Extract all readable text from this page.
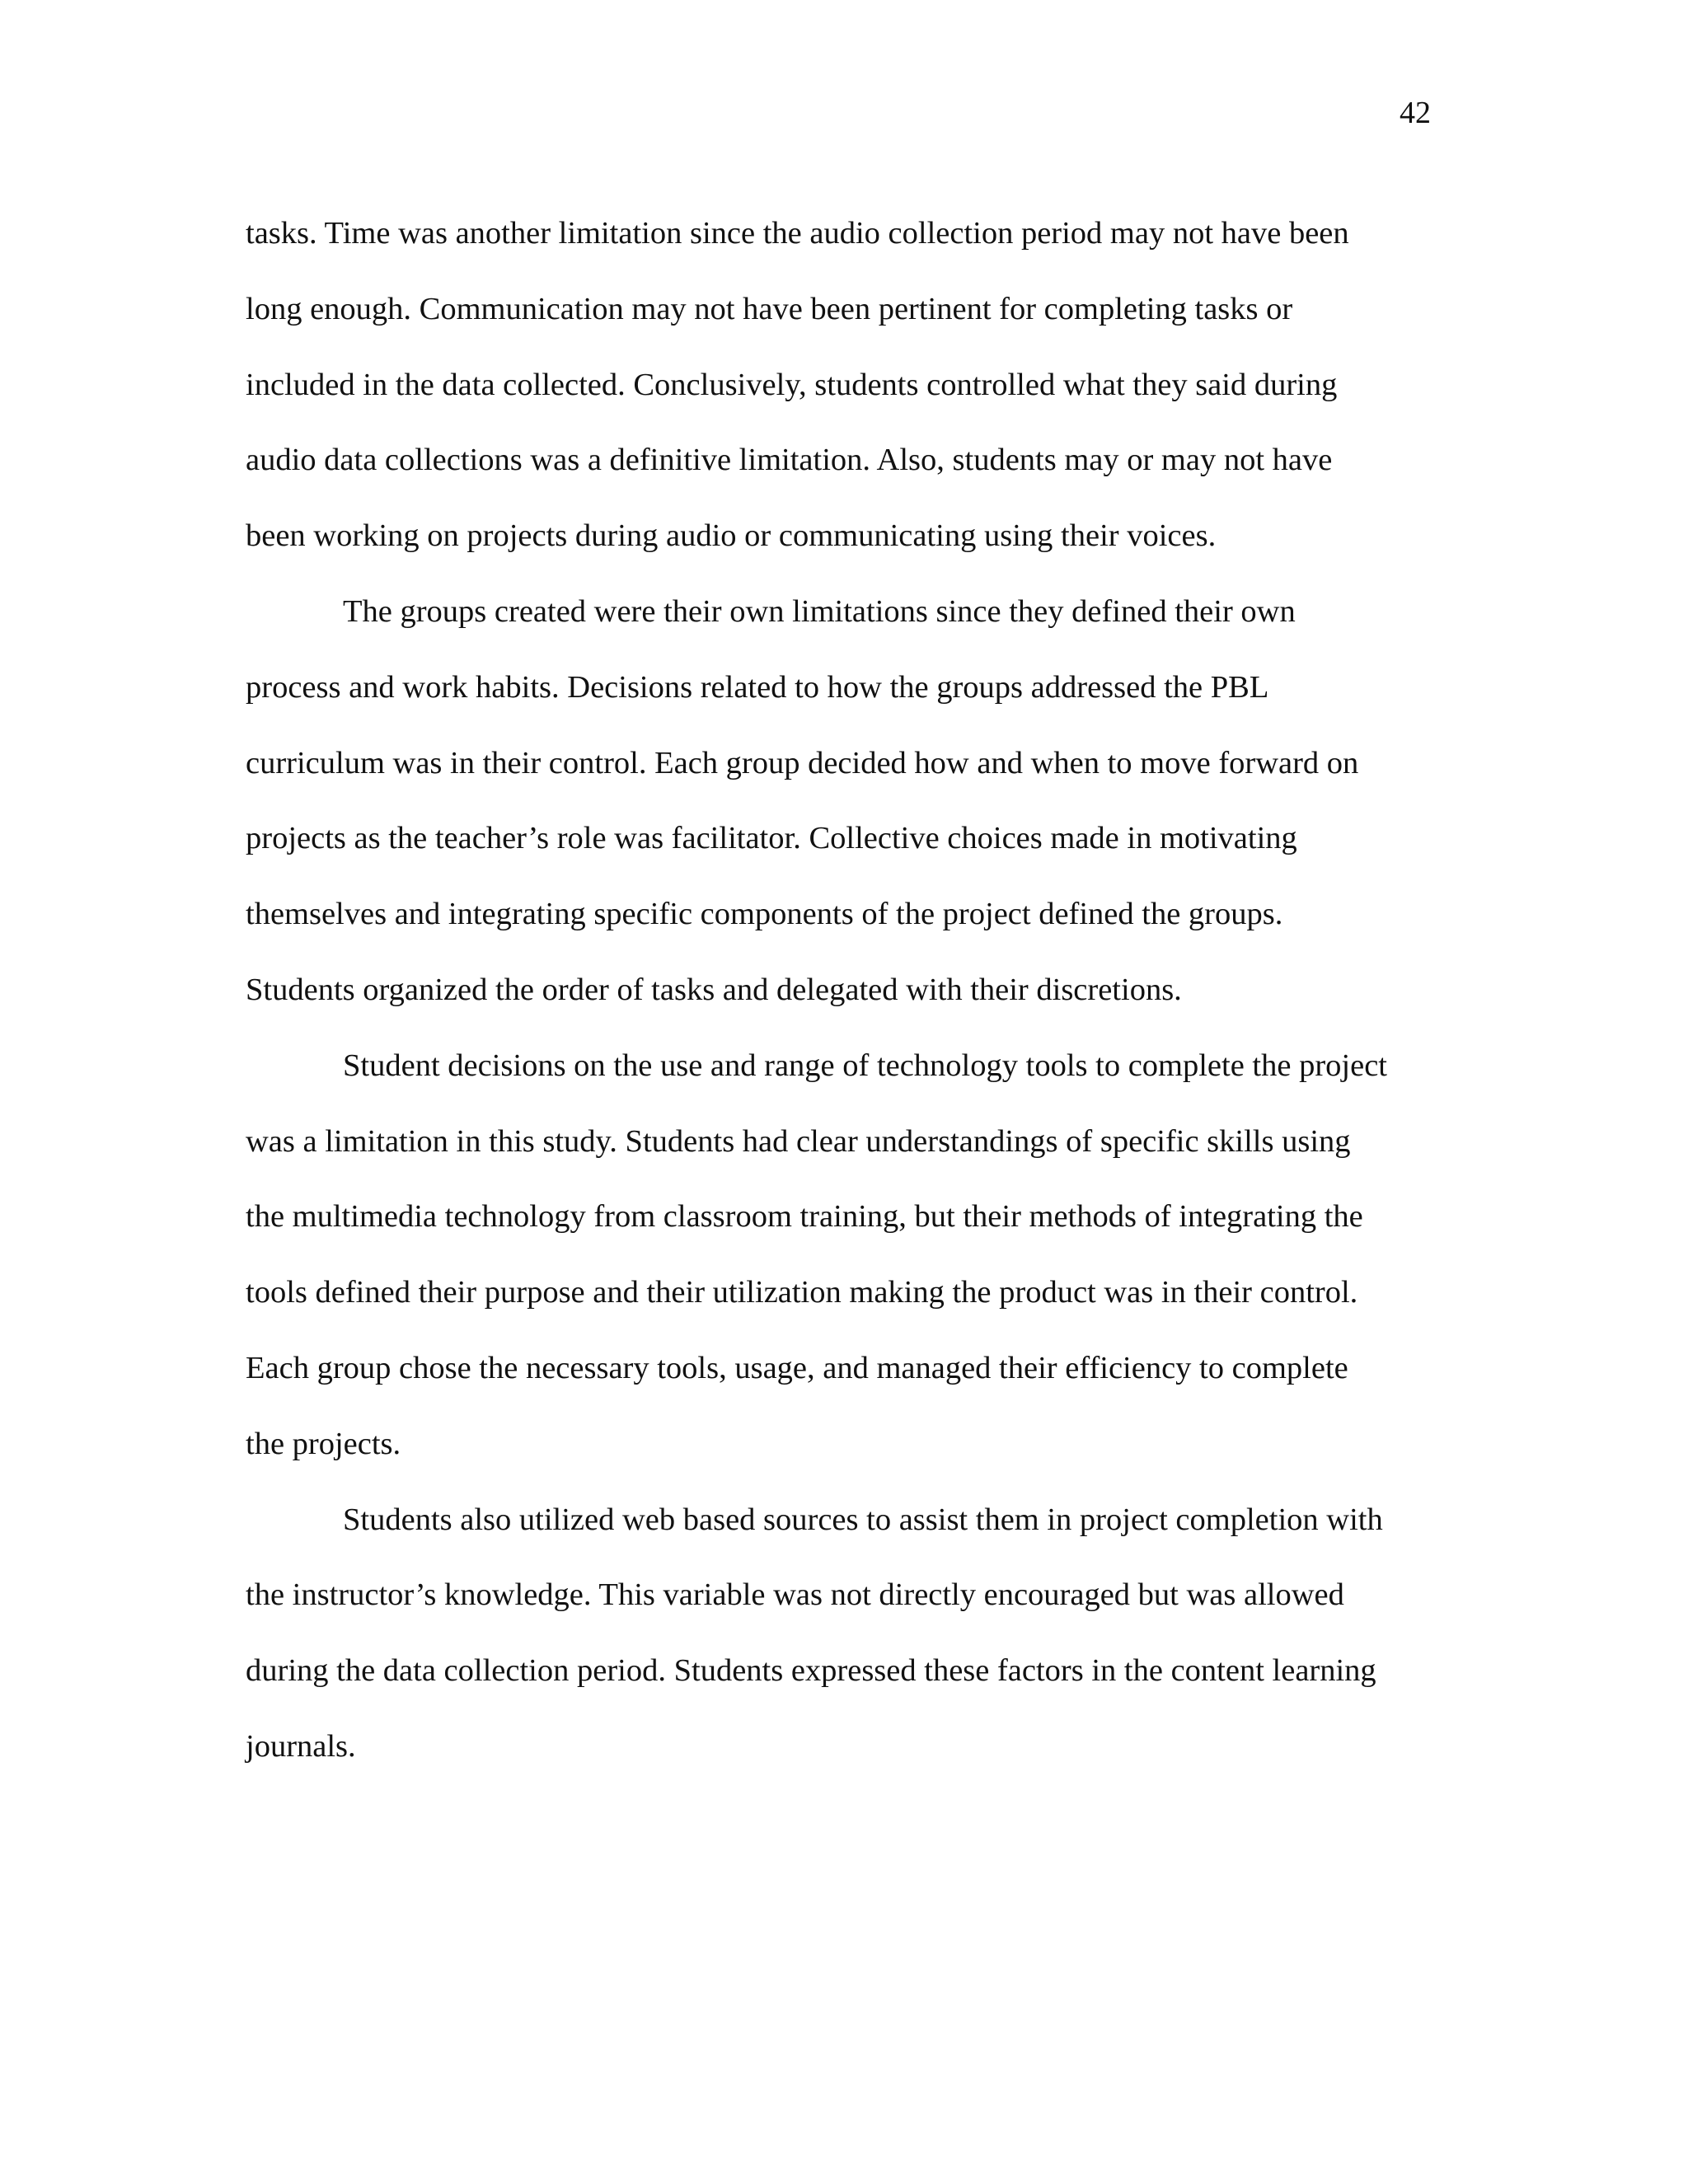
42
tasks. Time was another limitation since the audio collection period may not have been
long enough. Communication may not have been pertinent for completing tasks or
included in the data collected. Conclusively, students controlled what they said during
audio data collections was a definitive limitation. Also, students may or may not have
been working on projects during audio or communicating using their voices.
The groups created were their own limitations since they defined their own
process and work habits. Decisions related to how the groups addressed the PBL
curriculum was in their control. Each group decided how and when to move forward on
projects as the teacher’s role was facilitator. Collective choices made in motivating
themselves and integrating specific components of the project defined the groups.
Students organized the order of tasks and delegated with their discretions.
Student decisions on the use and range of technology tools to complete the project
was a limitation in this study. Students had clear understandings of specific skills using
the multimedia technology from classroom training, but their methods of integrating the
tools defined their purpose and their utilization making the product was in their control.
Each group chose the necessary tools, usage, and managed their efficiency to complete
the projects.
Students also utilized web based sources to assist them in project completion with
the instructor’s knowledge. This variable was not directly encouraged but was allowed
during the data collection period. Students expressed these factors in the content learning
journals.
